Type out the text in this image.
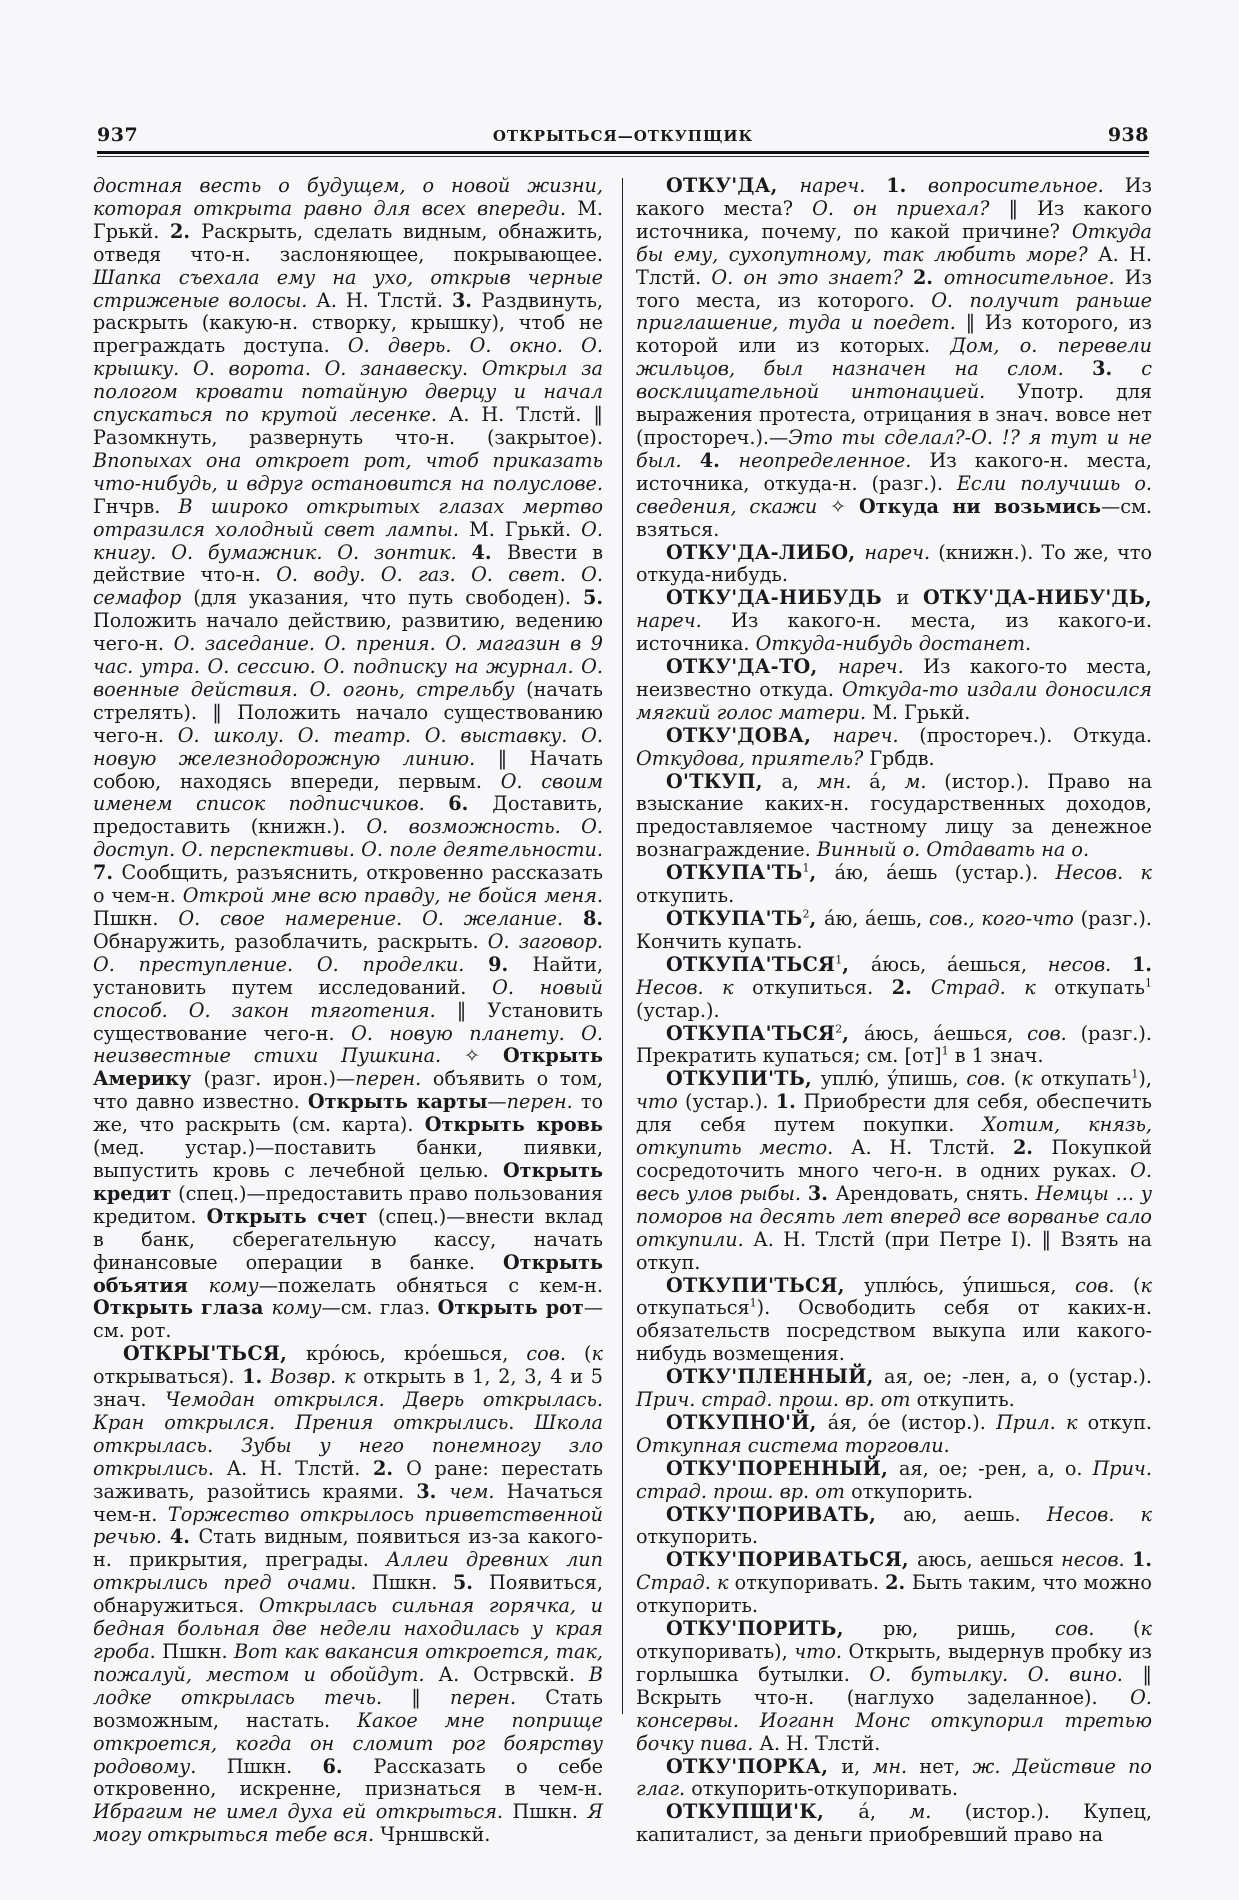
937	ОТКРЫТЬСЯ—ОТКУПЩИК	938

достная весть о будущем, о новой жизни, которая открыта равно для всех впереди. М. Грькй. 2. Раскрыть, сделать видным, обнажить, отведя что-н. заслоняющее, покрывающее. Шапка съехала ему на ухо, открыв черные стриженые волосы. А. Н. Тлстй. 3. Раздвинуть, раскрыть (какую-н. створку, крышку), чтоб не преграждать доступа. О. дверь. О. окно. О. крышку. О. ворота. О. занавеску. Открыл за пологом кровати потайную дверцу и начал спускаться по крутой лесенке. А. Н. Тлстй. ‖ Разомкнуть, развернуть что-н. (закрытое). Впопыхах она откроет рот, чтоб приказать что-нибудь, и вдруг остановится на полуслове. Гнчрв. В широко открытых глазах мертво отразился холодный свет лампы. М. Грькй. О. книгу. О. бумажник. О. зонтик. 4. Ввести в действие что-н. О. воду. О. газ. О. свет. О. семафор (для указания, что путь свободен). 5. Положить начало действию, развитию, ведению чего-н. О. заседание. О. прения. О. магазин в 9 час. утра. О. сессию. О. подписку на журнал. О. военные действия. О. огонь, стрельбу (начать стрелять). ‖ Положить начало существованию чего-н. О. школу. О. театр. О. выставку. О. новую железнодорожную линию. ‖ Начать собою, находясь впереди, первым. О. своим именем список подписчиков. 6. Доставить, предоставить (книжн.). О. возможность. О. доступ. О. перспективы. О. поле деятельности. 7. Сообщить, разъяснить, откровенно рассказать о чем-н. Открой мне всю правду, не бойся меня. Пшкн. О. свое намерение. О. желание. 8. Обнаружить, разоблачить, раскрыть. О. заговор. О. преступление. О. проделки. 9. Найти, установить путем исследований. О. новый способ. О. закон тяготения. ‖ Установить существование чего-н. О. новую планету. О. неизвестные стихи Пушкина. ✧ Открыть Америку (разг. ирон.)—перен. объявить о том, что давно известно. Открыть карты—перен. то же, что раскрыть (см. карта). Открыть кровь (мед. устар.)—поставить банки, пиявки, выпустить кровь с лечебной целью. Открыть кредит (спец.)—предоставить право пользования кредитом. Открыть счет (спец.)—внести вклад в банк, сберегательную кассу, начать финансовые операции в банке. Открыть объятия кому—пожелать обняться с кем-н. Открыть глаза кому—см. глаз. Открыть рот—см. рот.

ОТКРЫ'ТЬСЯ, крóюсь, крóешься, сов. (к открываться). 1. Возвр. к открыть в 1, 2, 3, 4 и 5 знач. Чемодан открылся. Дверь открылась. Кран открылся. Прения открылись. Школа открылась. Зубы у него понемногу зло открылись. А. Н. Тлстй. 2. О ране: перестать заживать, разойтись краями. 3. чем. Начаться чем-н. Торжество открылось приветственной речью. 4. Стать видным, появиться из-за какого-н. прикрытия, преграды. Аллеи древних лип открылись пред очами. Пшкн. 5. Появиться, обнаружиться. Открылась сильная горячка, и бедная больная две недели находилась у края гроба. Пшкн. Вот как вакансия откроется, так, пожалуй, местом и обойдут. А. Острвскй. В лодке открылась течь. ‖ перен. Стать возможным, настать. Какое мне поприще откроется, когда он сломит рог боярству родовому. Пшкн. 6. Рассказать о себе откровенно, искренне, признаться в чем-н. Ибрагим не имел духа ей открыться. Пшкн. Я могу открыться тебе вся. Чрншвскй.

ОТКУ'ДА, нареч. 1. вопросительное. Из какого места? О. он приехал? ‖ Из какого источника, почему, по какой причине? Откуда бы ему, сухопутному, так любить море? А. Н. Тлстй. О. он это знает? 2. относительное. Из того места, из которого. О. получит раньше приглашение, туда и поедет. ‖ Из которого, из которой или из которых. Дом, о. перевели жильцов, был назначен на слом. 3. с восклицательной интонацией. Употр. для выражения протеста, отрицания в знач. вовсе нет (простореч.).—Это ты сделал?-О. !? я тут и не был. 4. неопределенное. Из какого-н. места, источника, откуда-н. (разг.). Если получишь о. сведения, скажи ✧ Откуда ни возьмись—см. взяться.

ОТКУ'ДА-ЛИБО, нареч. (книжн.). То же, что откуда-нибудь.

ОТКУ'ДА-НИБУДЬ и ОТКУ'ДА-НИБУ'ДЬ, нареч. Из какого-н. места, из какого-и. источника. Откуда-нибудь достанет.

ОТКУ'ДА-ТО, нареч. Из какого-то места, неизвестно откуда. Откуда-то издали доносился мягкий голос матери. М. Грькй.

ОТКУ'ДОВА, нареч. (простореч.). Откуда. Откудова, приятель? Грбдв.

О'ТКУП, а, мн. á, м. (истор.). Право на взыскание каких-н. государственных доходов, предоставляемое частному лицу за денежное вознаграждение. Винный о. Отдавать на о.

$ОТКУПА'ТЬ^1$, áю, áешь (устар.). Несов. к откупить.

$ОТКУПА'ТЬ^2$, áю, áешь, сов., кого-что (разг.). Кончить купать.

ОТКУПА'ТЬСЯ$^1$, áюсь, áешься, несов. 1. Несов. к откупиться. 2. Страд. к откупать$^1$ (устар.).

ОТКУПА'ТЬСЯ$^2$, áюсь, áешься, сов. (разг.). Прекратить купаться; см. [от]$^1$ в 1 знач.

ОТКУПИ'ТЬ, уплю́, ýпишь, сов. (к откупать$^1$), что (устар.). 1. Приобрести для себя, обеспечить для себя путем покупки. Хотим, князь, откупить место. А. Н. Тлстй. 2. Покупкой сосредоточить много чего-н. в одних руках. О. весь улов рыбы. 3. Арендовать, снять. Немцы ... у поморов на десять лет вперед все ворванье сало откупили. А. Н. Тлстй (при Петре I). ‖ Взять на откуп.

ОТКУПИ'ТЬСЯ, уплю́сь, ýпишься, сов. (к откупаться$^1$). Освободить себя от каких-н. обязательств посредством выкупа или какого-нибудь возмещения.

ОТКУ'ПЛЕННЫЙ, ая, ое; -лен, а, о (устар.). Прич. страд. прош. вр. от откупить.

ОТКУПНО'Й, áя, óе (истор.). Прил. к откуп. Откупная система торговли.

ОТКУ'ПОРЕННЫЙ, ая, ое; -рен, а, о. Прич. страд. прош. вр. от откупорить.

ОТКУ'ПОРИВАТЬ, аю, аешь. Несов. к откупорить.

ОТКУ'ПОРИВАТЬСЯ, аюсь, аешься несов. 1. Страд. к откупоривать. 2. Быть таким, что можно откупорить.

ОТКУ'ПОРИТЬ, рю, ришь, сов. (к откупоривать), что. Открыть, выдернув пробку из горлышка бутылки. О. бутылку. О. вино. ‖ Вскрыть что-н. (наглухо заделанное). О. консервы. Иоганн Монс откупорил третью бочку пива. А. Н. Тлстй.

ОТКУ'ПОРКА, и, мн. нет, ж. Действие по глаг. откупорить-откупоривать.

ОТКУПЩИ'К, á, м. (истор.). Купец, капиталист, за деньги приобревший право на
